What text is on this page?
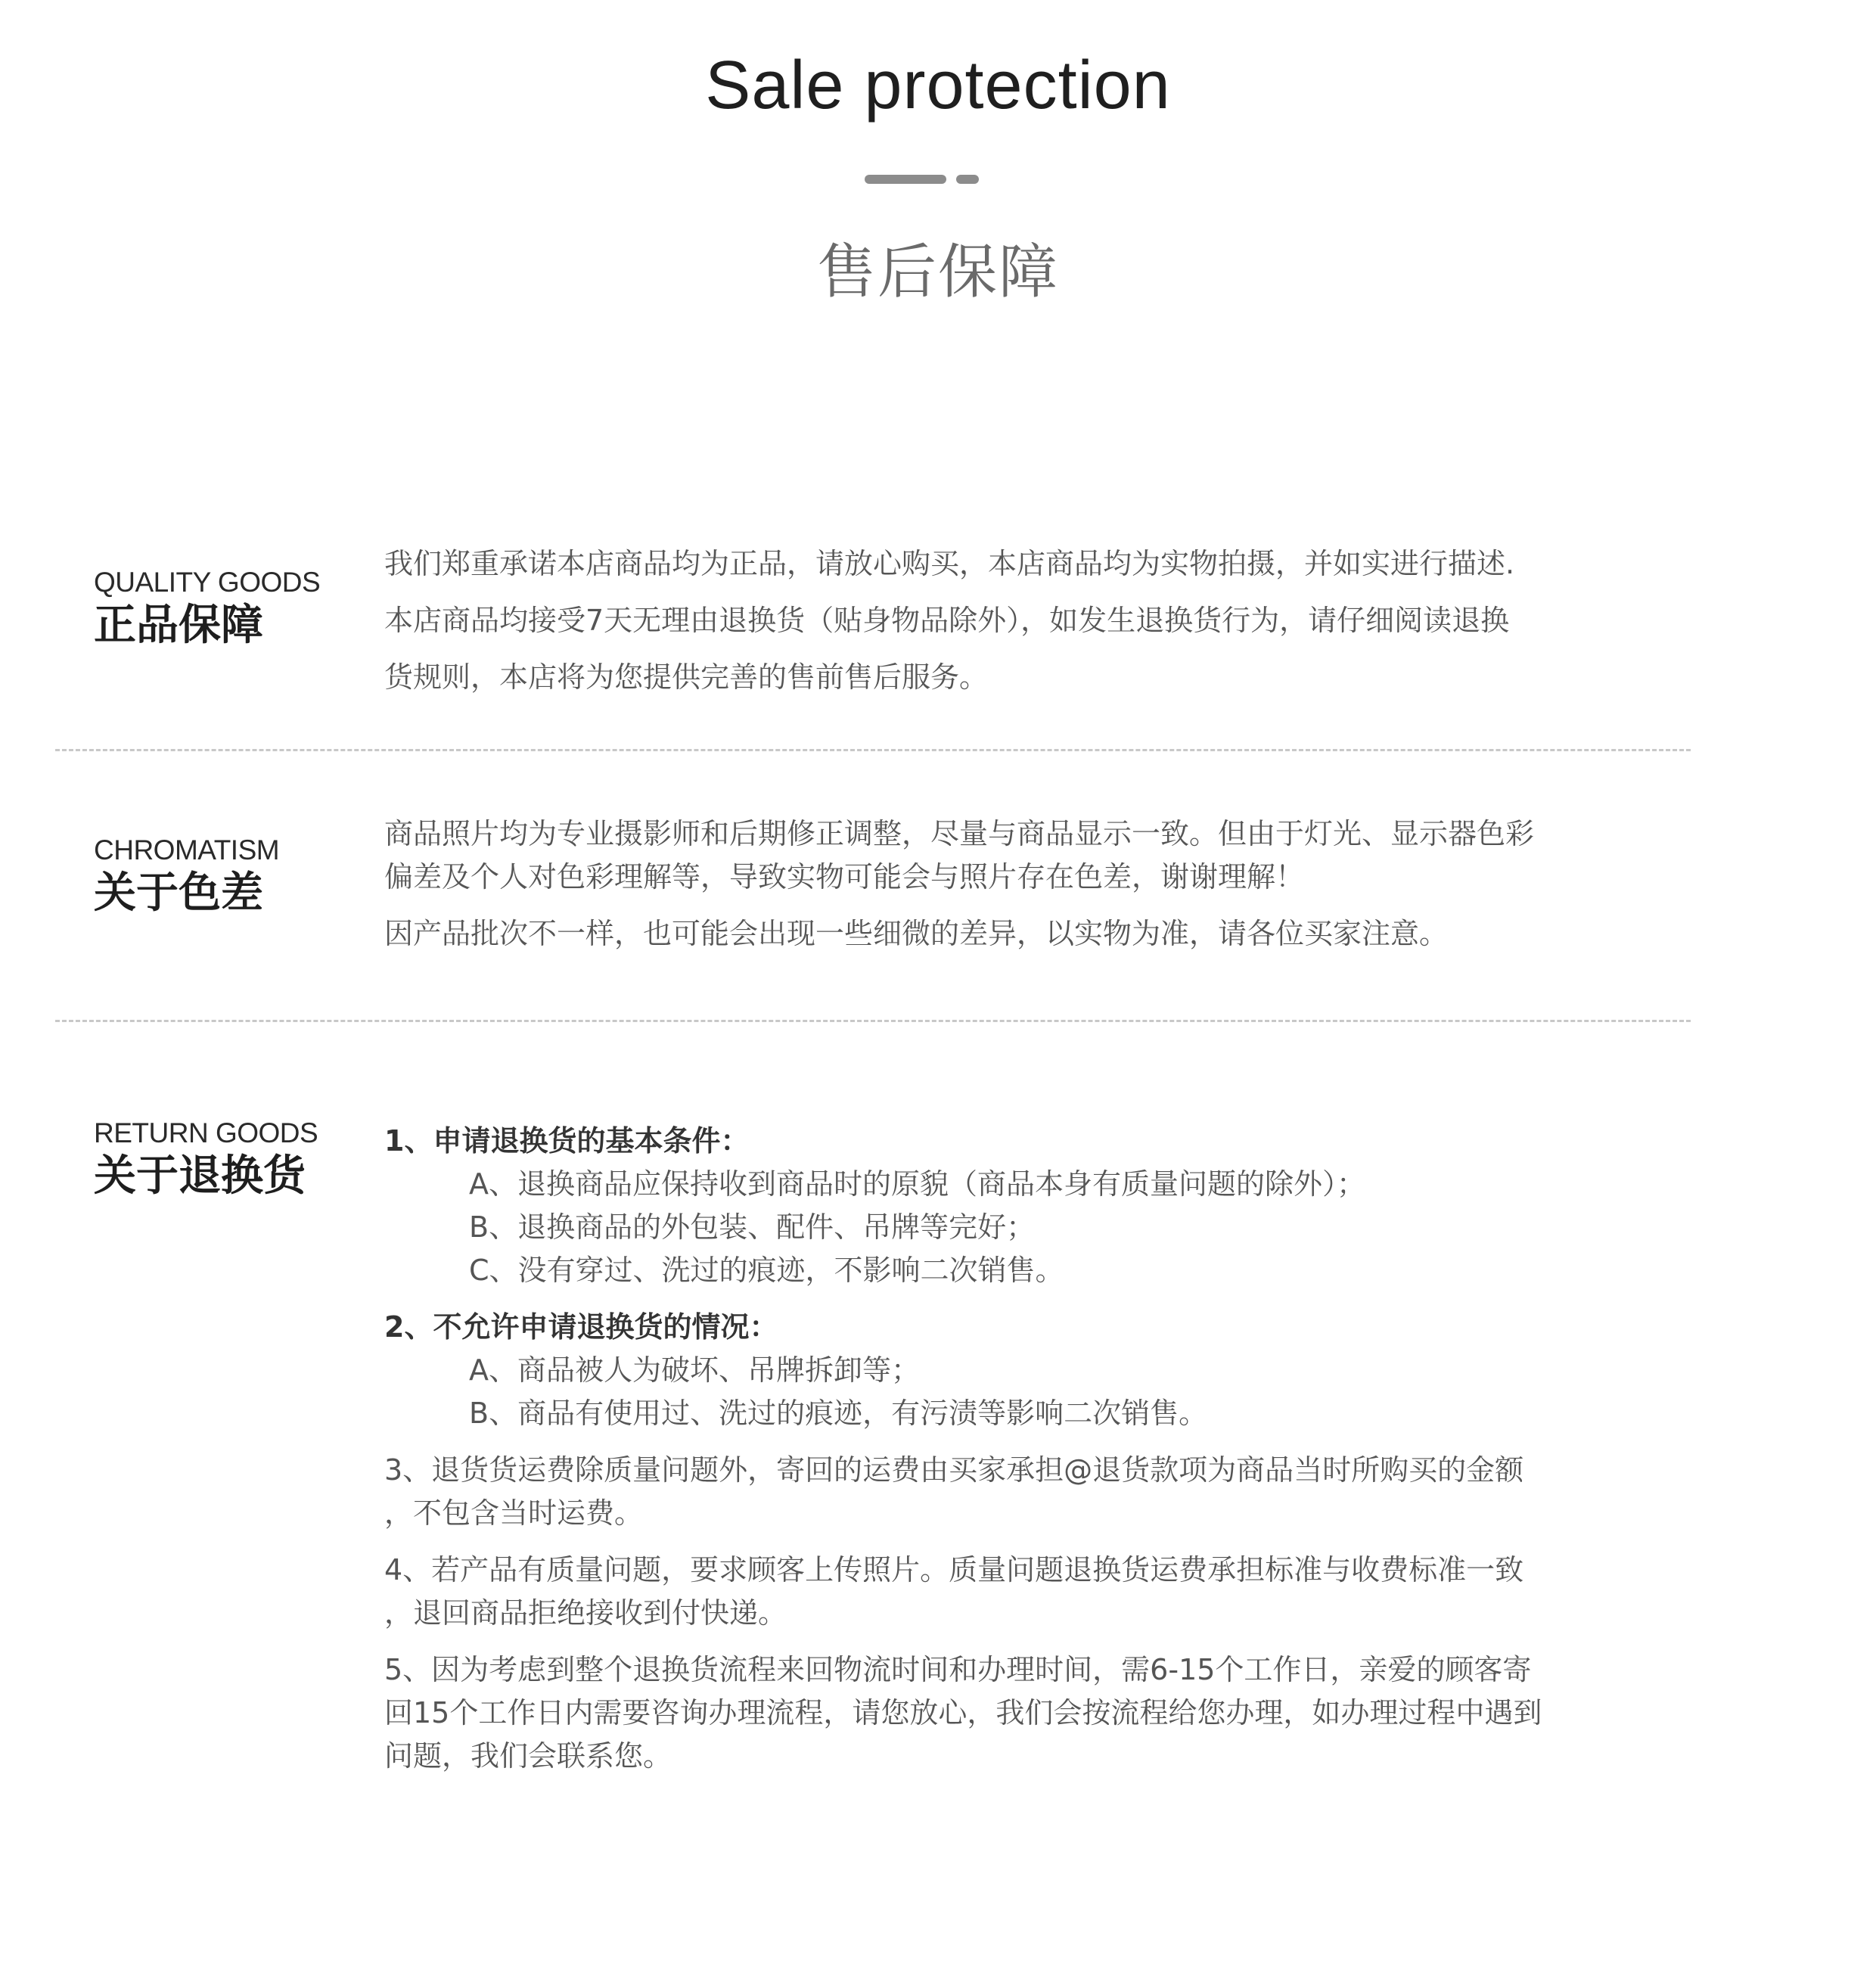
Sale protection
售后保障
QUALITY GOODS
正品保障

我们郑重承诺本店商品均为正品，请放心购买，本店商品均为实物拍摄，并如实进行描述.

本店商品均接受7天无理由退换货（贴身物品除外），如发生退换货行为，请仔细阅读退换

货规则，本店将为您提供完善的售前售后服务。

CHROMATISM
关于色差

商品照片均为专业摄影师和后期修正调整，尽量与商品显示一致。但由于灯光、显示器色彩

偏差及个人对色彩理解等，导致实物可能会与照片存在色差，谢谢理解！

因产品批次不一样，也可能会出现一些细微的差异，以实物为准，请各位买家注意。

RETURN GOODS
关于退换货

1、申请退换货的基本条件：

A、退换商品应保持收到商品时的原貌（商品本身有质量问题的除外）；

B、退换商品的外包装、配件、吊牌等完好；

C、没有穿过、洗过的痕迹，不影响二次销售。

2、不允许申请退换货的情况：

A、商品被人为破坏、吊牌拆卸等；

B、商品有使用过、洗过的痕迹，有污渍等影响二次销售。

3、退货货运费除质量问题外，寄回的运费由买家承担@退货款项为商品当时所购买的金额

，不包含当时运费。

4、若产品有质量问题，要求顾客上传照片。质量问题退换货运费承担标准与收费标准一致

，退回商品拒绝接收到付快递。

5、因为考虑到整个退换货流程来回物流时间和办理时间，需6-15个工作日，亲爱的顾客寄

回15个工作日内需要咨询办理流程，请您放心，我们会按流程给您办理，如办理过程中遇到

问题，我们会联系您。
